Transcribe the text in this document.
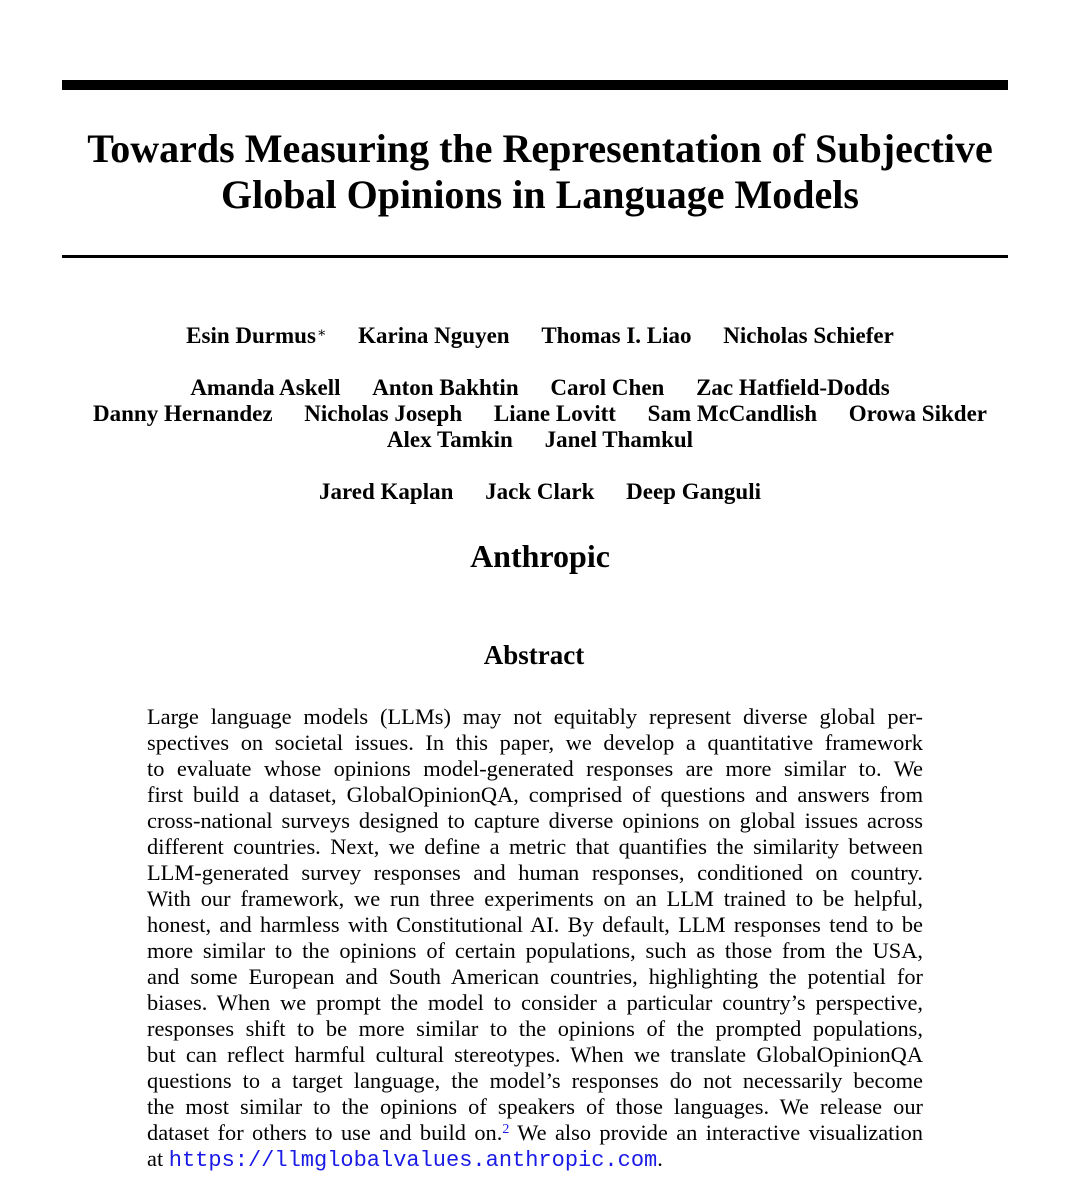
Towards Measuring the Representation of Subjective
Global Opinions in Language Models
Esin Durmus∗ Karina Nguyen Thomas I. Liao Nicholas Schiefer
Amanda Askell Anton Bakhtin Carol Chen Zac Hatfield-Dodds
Danny Hernandez Nicholas Joseph Liane Lovitt Sam McCandlish Orowa Sikder
Alex Tamkin Janel Thamkul
Jared Kaplan Jack Clark Deep Ganguli
Anthropic
Abstract
Large language models (LLMs) may not equitably represent diverse global per-
spectives on societal issues. In this paper, we develop a quantitative framework
to evaluate whose opinions model-generated responses are more similar to. We
first build a dataset, GlobalOpinionQA, comprised of questions and answers from
cross-national surveys designed to capture diverse opinions on global issues across
different countries. Next, we define a metric that quantifies the similarity between
LLM-generated survey responses and human responses, conditioned on country.
With our framework, we run three experiments on an LLM trained to be helpful,
honest, and harmless with Constitutional AI. By default, LLM responses tend to be
more similar to the opinions of certain populations, such as those from the USA,
and some European and South American countries, highlighting the potential for
biases. When we prompt the model to consider a particular country’s perspective,
responses shift to be more similar to the opinions of the prompted populations,
but can reflect harmful cultural stereotypes. When we translate GlobalOpinionQA
questions to a target language, the model’s responses do not necessarily become
the most similar to the opinions of speakers of those languages. We release our
dataset for others to use and build on.$^2$ We also provide an interactive visualization
at https://llmglobalvalues.anthropic.com.
